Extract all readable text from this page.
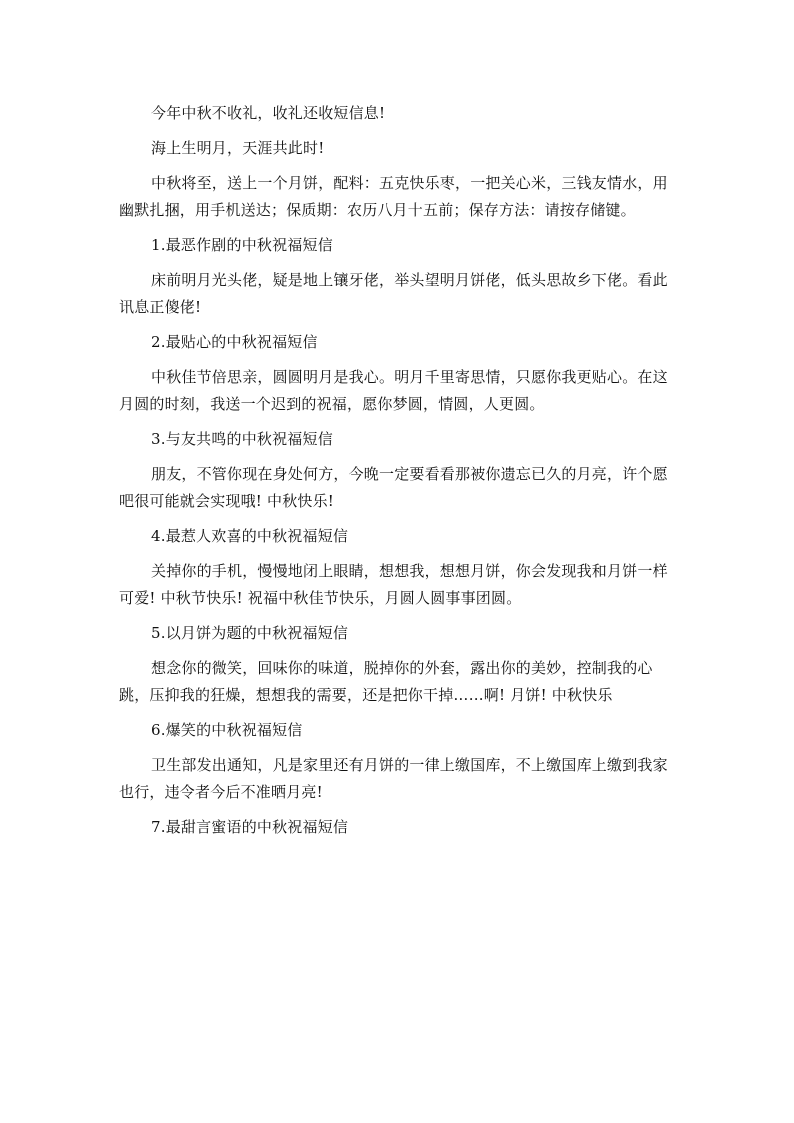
今年中秋不收礼，收礼还收短信息!

海上生明月，天涯共此时!

中秋将至，送上一个月饼，配料：五克快乐枣，一把关心米，三钱友情水，用幽默扎捆，用手机送达；保质期：农历八月十五前；保存方法：请按存储键。

1.最恶作剧的中秋祝福短信

床前明月光头佬，疑是地上镶牙佬，举头望明月饼佬，低头思故乡下佬。看此讯息正傻佬!

2.最贴心的中秋祝福短信

中秋佳节倍思亲，圆圆明月是我心。明月千里寄思情，只愿你我更贴心。在这月圆的时刻，我送一个迟到的祝福，愿你梦圆，情圆，人更圆。

3.与友共鸣的中秋祝福短信

朋友，不管你现在身处何方，今晚一定要看看那被你遗忘已久的月亮，许个愿吧很可能就会实现哦! 中秋快乐!

4.最惹人欢喜的中秋祝福短信

关掉你的手机，慢慢地闭上眼睛，想想我，想想月饼，你会发现我和月饼一样可爱! 中秋节快乐! 祝福中秋佳节快乐，月圆人圆事事团圆。

5.以月饼为题的中秋祝福短信

想念你的微笑，回味你的味道，脱掉你的外套，露出你的美妙，控制我的心跳，压抑我的狂燥，想想我的需要，还是把你干掉……啊! 月饼! 中秋快乐

6.爆笑的中秋祝福短信

卫生部发出通知，凡是家里还有月饼的一律上缴国库，不上缴国库上缴到我家也行，违令者今后不准晒月亮!

7.最甜言蜜语的中秋祝福短信
